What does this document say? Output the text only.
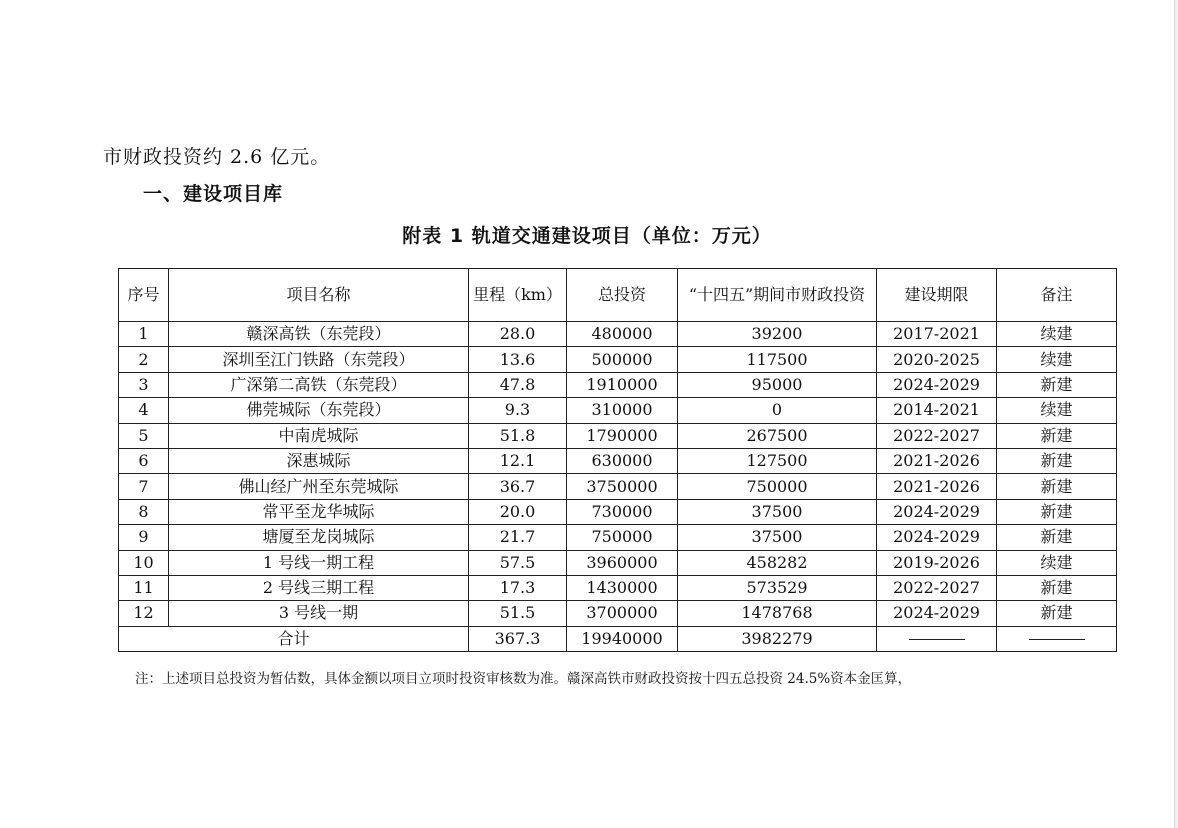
市财政投资约 2.6 亿元。
一、建设项目库
附表 1 轨道交通建设项目（单位：万元）
序号	项目名称	里程（km）	总投资	“十四五”期间市财政投资	建设期限	备注
1	赣深高铁（东莞段）	28.0	480000	39200	2017-2021	续建
2	深圳至江门铁路（东莞段）	13.6	500000	117500	2020-2025	续建
3	广深第二高铁（东莞段）	47.8	1910000	95000	2024-2029	新建
4	佛莞城际（东莞段）	9.3	310000	0	2014-2021	续建
5	中南虎城际	51.8	1790000	267500	2022-2027	新建
6	深惠城际	12.1	630000	127500	2021-2026	新建
7	佛山经广州至东莞城际	36.7	3750000	750000	2021-2026	新建
8	常平至龙华城际	20.0	730000	37500	2024-2029	新建
9	塘厦至龙岗城际	21.7	750000	37500	2024-2029	新建
10	1 号线一期工程	57.5	3960000	458282	2019-2026	续建
11	2 号线三期工程	17.3	1430000	573529	2022-2027	新建
12	3 号线一期	51.5	3700000	1478768	2024-2029	新建
合计		367.3	19940000	3982279		
注：上述项目总投资为暂估数，具体金额以项目立项时投资审核数为准。赣深高铁市财政投资按十四五总投资 24.5%资本金匡算，
